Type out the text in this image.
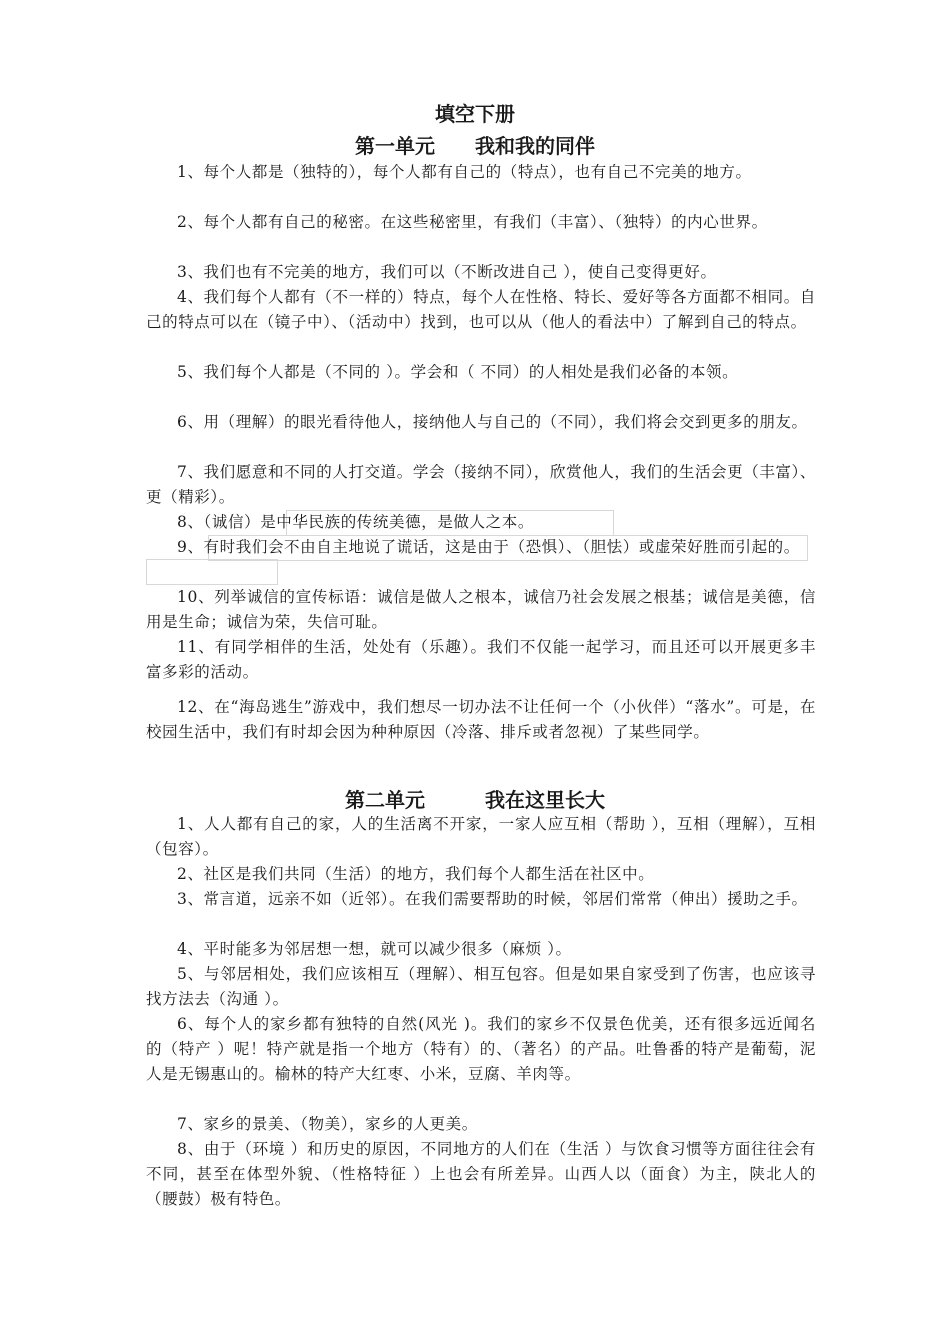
填空下册
第一单元　　我和我的同伴

1、每个人都是（独特的），每个人都有自己的（特点），也有自己不完美的地方。

2、每个人都有自己的秘密。在这些秘密里，有我们（丰富）、（独特）的内心世界。

3、我们也有不完美的地方，我们可以（不断改进自己 ），使自己变得更好。

4、我们每个人都有（不一样的）特点，每个人在性格、特长、爱好等各方面都不相同。自己的特点可以在（镜子中）、（活动中）找到，也可以从（他人的看法中）了解到自己的特点。

5、我们每个人都是（不同的 ）。学会和（ 不同）的人相处是我们必备的本领。

6、用（理解）的眼光看待他人，接纳他人与自己的（不同），我们将会交到更多的朋友。

7、我们愿意和不同的人打交道。学会（接纳不同），欣赏他人，我们的生活会更（丰富）、更（精彩）。

8、（诚信）是中华民族的传统美德，是做人之本。

9、有时我们会不由自主地说了谎话，这是由于（恐惧）、（胆怯）或虚荣好胜而引起的。

10、列举诚信的宣传标语：诚信是做人之根本，诚信乃社会发展之根基；诚信是美德，信用是生命；诚信为荣，失信可耻。

11、有同学相伴的生活，处处有（乐趣）。我们不仅能一起学习，而且还可以开展更多丰富多彩的活动。

12、在“海岛逃生”游戏中，我们想尽一切办法不让任何一个（小伙伴）“落水”。可是，在校园生活中，我们有时却会因为种种原因（冷落、排斥或者忽视）了某些同学。

第二单元　　　我在这里长大

1、人人都有自己的家，人的生活离不开家，一家人应互相（帮助 ），互相（理解），互相（包容）。

2、社区是我们共同（生活）的地方，我们每个人都生活在社区中。

3、常言道，远亲不如（近邻）。在我们需要帮助的时候，邻居们常常（伸出）援助之手。

4、平时能多为邻居想一想，就可以减少很多（麻烦 ）。

5、与邻居相处，我们应该相互（理解）、相互包容。但是如果自家受到了伤害，也应该寻找方法去（沟通 ）。

6、每个人的家乡都有独特的自然(风光 )。我们的家乡不仅景色优美，还有很多远近闻名的（特产 ）呢！特产就是指一个地方（特有）的、（著名）的产品。吐鲁番的特产是葡萄，泥人是无锡惠山的。榆林的特产大红枣、小米，豆腐、羊肉等。

7、家乡的景美、（物美），家乡的人更美。

8、由于（环境 ）和历史的原因，不同地方的人们在（生活 ）与饮食习惯等方面往往会有不同，甚至在体型外貌、（性格特征 ）上也会有所差异。山西人以（面食）为主，陕北人的（腰鼓）极有特色。
